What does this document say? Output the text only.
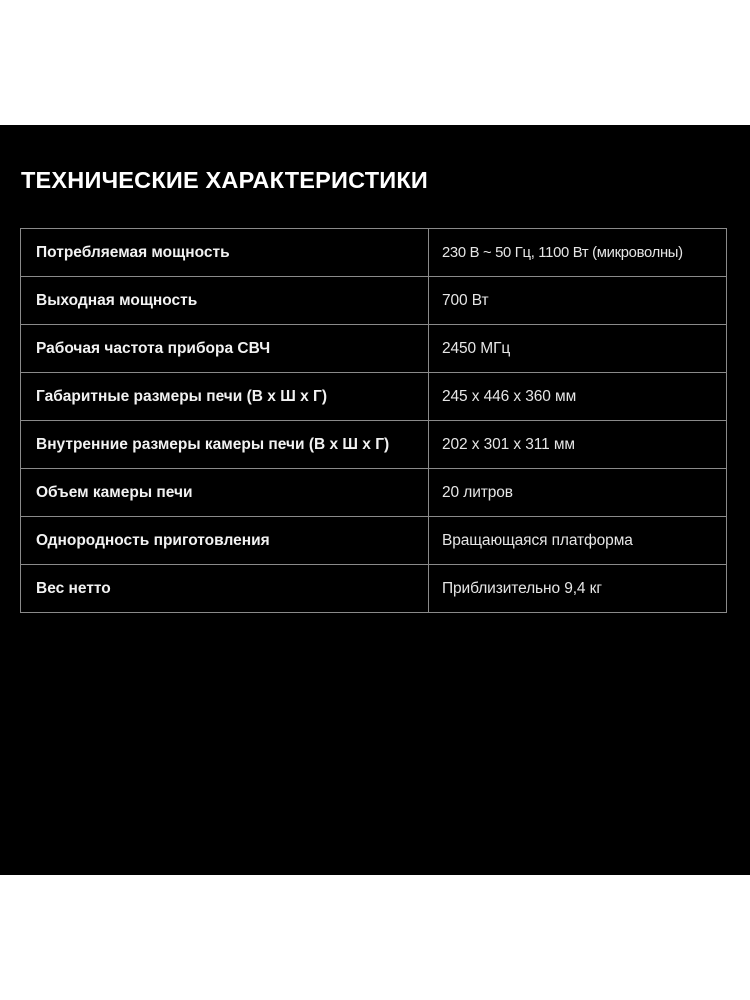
ТЕХНИЧЕСКИЕ ХАРАКТЕРИСТИКИ
Потребляемая мощность	230 В ~ 50 Гц, 1100 Вт (микроволны)
Выходная мощность	700 Вт
Рабочая частота прибора СВЧ	2450 МГц
Габаритные размеры печи (В х Ш х Г)	245 х 446 х 360 мм
Внутренние размеры камеры печи (В х Ш х Г)	202 х 301 х 311 мм
Объем камеры печи	20 литров
Однородность приготовления	Вращающаяся платформа
Вес нетто	Приблизительно 9,4 кг
